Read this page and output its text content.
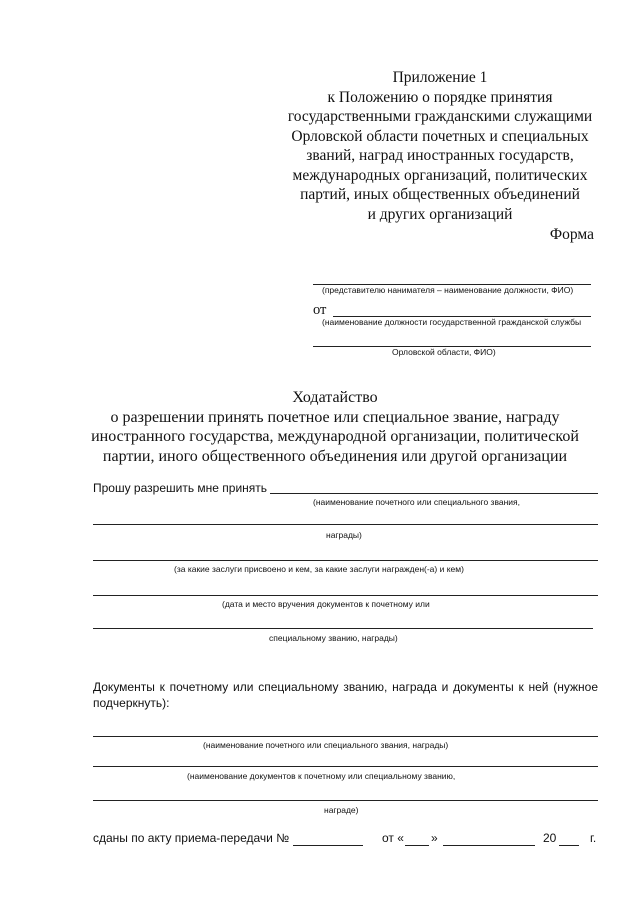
Приложение 1
к Положению о порядке принятия
государственными гражданскими служащими
Орловской области почетных и специальных
званий, наград иностранных государств,
международных организаций, политических
партий, иных общественных объединений
и других организаций
Форма
(представителю нанимателя – наименование должности, ФИО)
от
(наименование должности государственной гражданской службы
Орловской области, ФИО)
Ходатайство
о разрешении принять почетное или специальное звание, награду
иностранного государства, международной организации, политической
партии, иного общественного объединения или другой организации
Прошу разрешить мне принять
(наименование почетного или специального звания,
награды)
(за какие заслуги присвоено и кем, за какие заслуги награжден(-а) и кем)
(дата и место вручения документов к почетному или
специальному званию, награды)
Документы к почетному или специальному званию, награда и документы к ней (нужное подчеркнуть):
(наименование почетного или специального звания, награды)
(наименование документов к почетному или специальному званию,
награде)
сданы по акту приема-передачи №	от « »	20	г.
